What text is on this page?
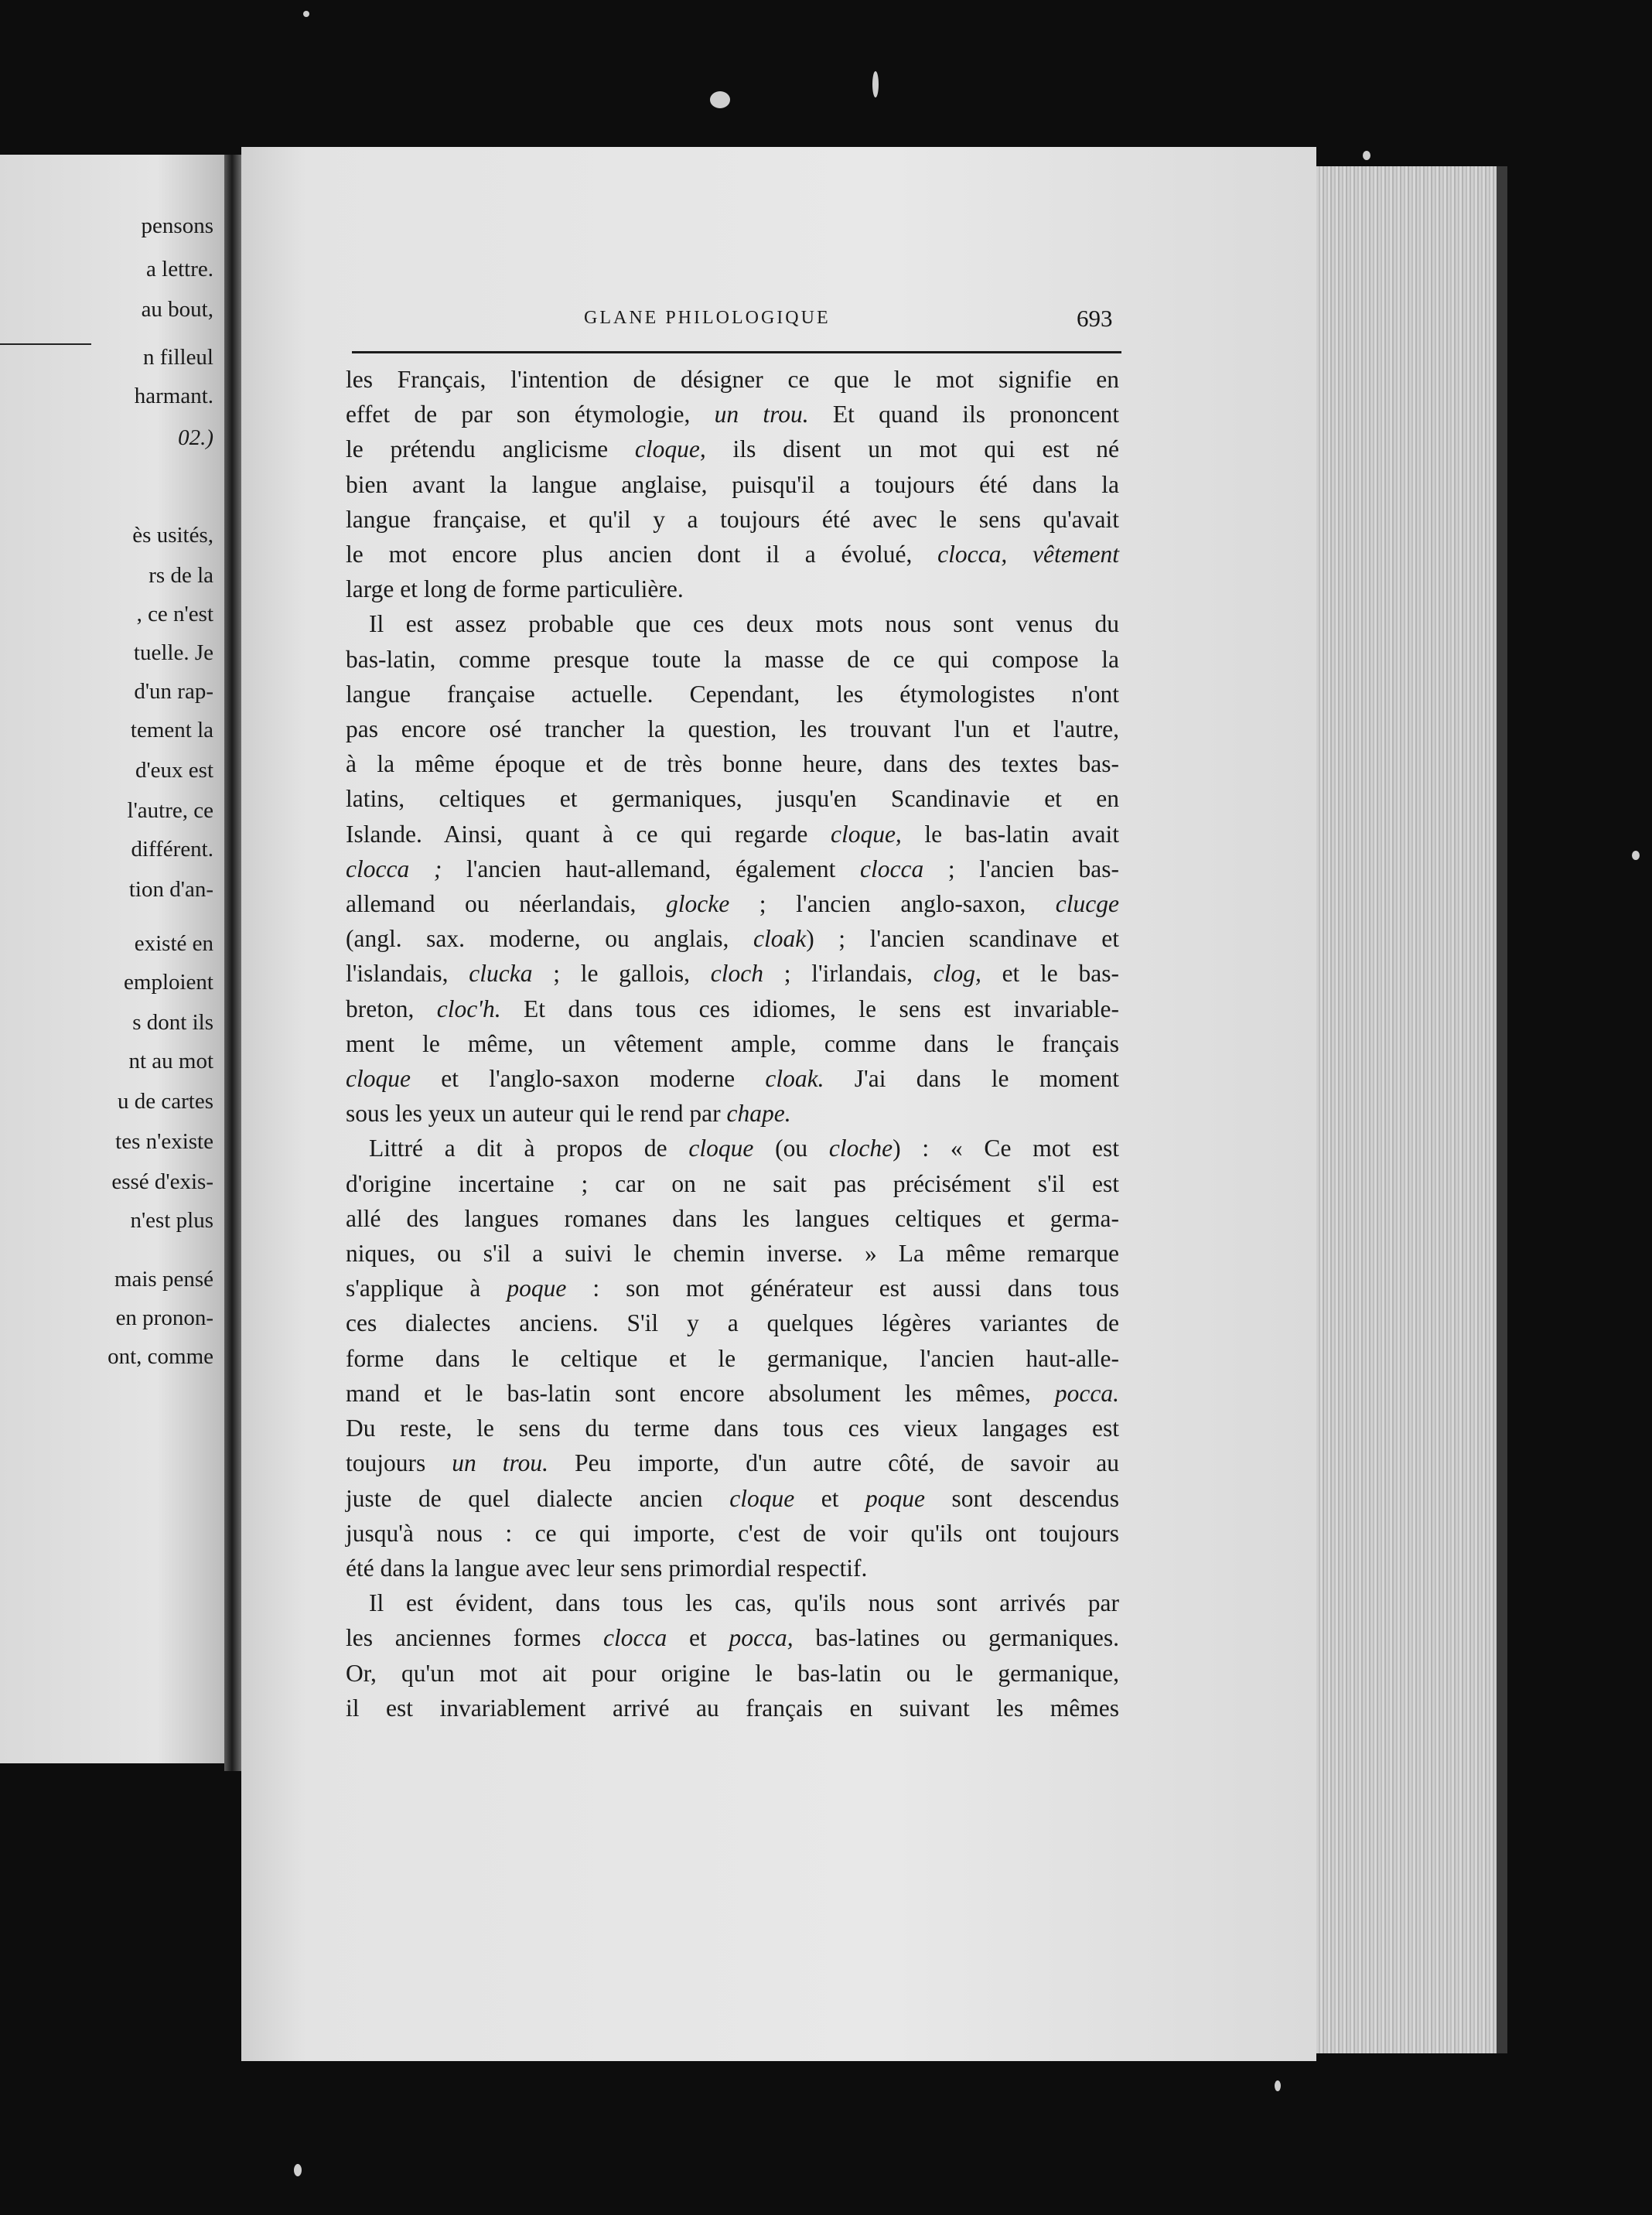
pensons
a lettre.
au bout,
n filleul
harmant.
02.)
ès usités,
rs de la
, ce n'est
tuelle. Je
d'un rap-
tement la
d'eux est
l'autre, ce
différent.
tion d'an-
existé en
emploient
s dont ils
nt au mot
u de cartes
tes n'existe
essé d'exis-
n'est plus
mais pensé
en pronon-
ont, comme
GLANE PHILOLOGIQUE	693
les Français, l'intention de désigner ce que le mot signifie en
effet de par son étymologie, un trou. Et quand ils prononcent
le prétendu anglicisme cloque, ils disent un mot qui est né
bien avant la langue anglaise, puisqu'il a toujours été dans la
langue française, et qu'il y a toujours été avec le sens qu'avait
le mot encore plus ancien dont il a évolué, clocca, vêtement
large et long de forme particulière.
Il est assez probable que ces deux mots nous sont venus du
bas-latin, comme presque toute la masse de ce qui compose la
langue française actuelle. Cependant, les étymologistes n'ont
pas encore osé trancher la question, les trouvant l'un et l'autre,
à la même époque et de très bonne heure, dans des textes bas-
latins, celtiques et germaniques, jusqu'en Scandinavie et en
Islande. Ainsi, quant à ce qui regarde cloque, le bas-latin avait
clocca ; l'ancien haut-allemand, également clocca ; l'ancien bas-
allemand ou néerlandais, glocke ; l'ancien anglo-saxon, clucge
(angl. sax. moderne, ou anglais, cloak) ; l'ancien scandinave et
l'islandais, clucka ; le gallois, cloch ; l'irlandais, clog, et le bas-
breton, cloc'h. Et dans tous ces idiomes, le sens est invariable-
ment le même, un vêtement ample, comme dans le français
cloque et l'anglo-saxon moderne cloak. J'ai dans le moment
sous les yeux un auteur qui le rend par chape.
Littré a dit à propos de cloque (ou cloche) : « Ce mot est
d'origine incertaine ; car on ne sait pas précisément s'il est
allé des langues romanes dans les langues celtiques et germa-
niques, ou s'il a suivi le chemin inverse. » La même remarque
s'applique à poque : son mot générateur est aussi dans tous
ces dialectes anciens. S'il y a quelques légères variantes de
forme dans le celtique et le germanique, l'ancien haut-alle-
mand et le bas-latin sont encore absolument les mêmes, pocca.
Du reste, le sens du terme dans tous ces vieux langages est
toujours un trou. Peu importe, d'un autre côté, de savoir au
juste de quel dialecte ancien cloque et poque sont descendus
jusqu'à nous : ce qui importe, c'est de voir qu'ils ont toujours
été dans la langue avec leur sens primordial respectif.
Il est évident, dans tous les cas, qu'ils nous sont arrivés par
les anciennes formes clocca et pocca, bas-latines ou germaniques.
Or, qu'un mot ait pour origine le bas-latin ou le germanique,
il est invariablement arrivé au français en suivant les mêmes
